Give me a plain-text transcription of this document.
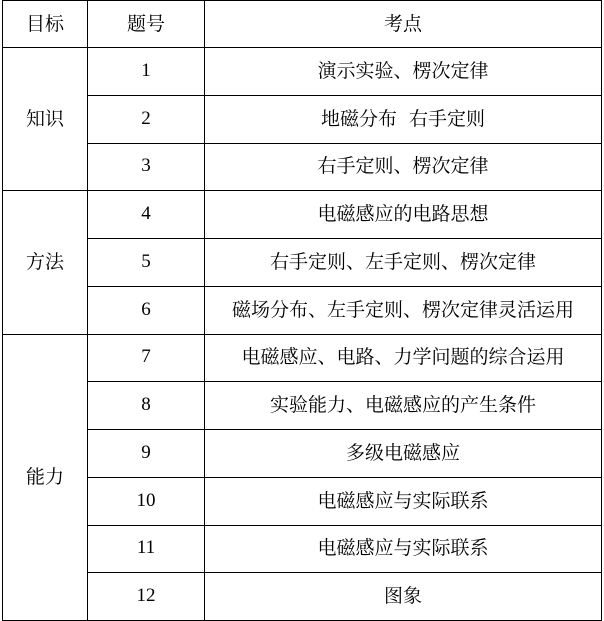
目标	题号	考点
知识	1	演示实验、楞次定律
	2	地磁分布  右手定则
	3	右手定则、楞次定律
方法	4	电磁感应的电路思想
	5	右手定则、左手定则、楞次定律
	6	磁场分布、左手定则、楞次定律灵活运用
能力	7	电磁感应、电路、力学问题的综合运用
	8	实验能力、电磁感应的产生条件
	9	多级电磁感应
	10	电磁感应与实际联系
	11	电磁感应与实际联系
	12	图象
